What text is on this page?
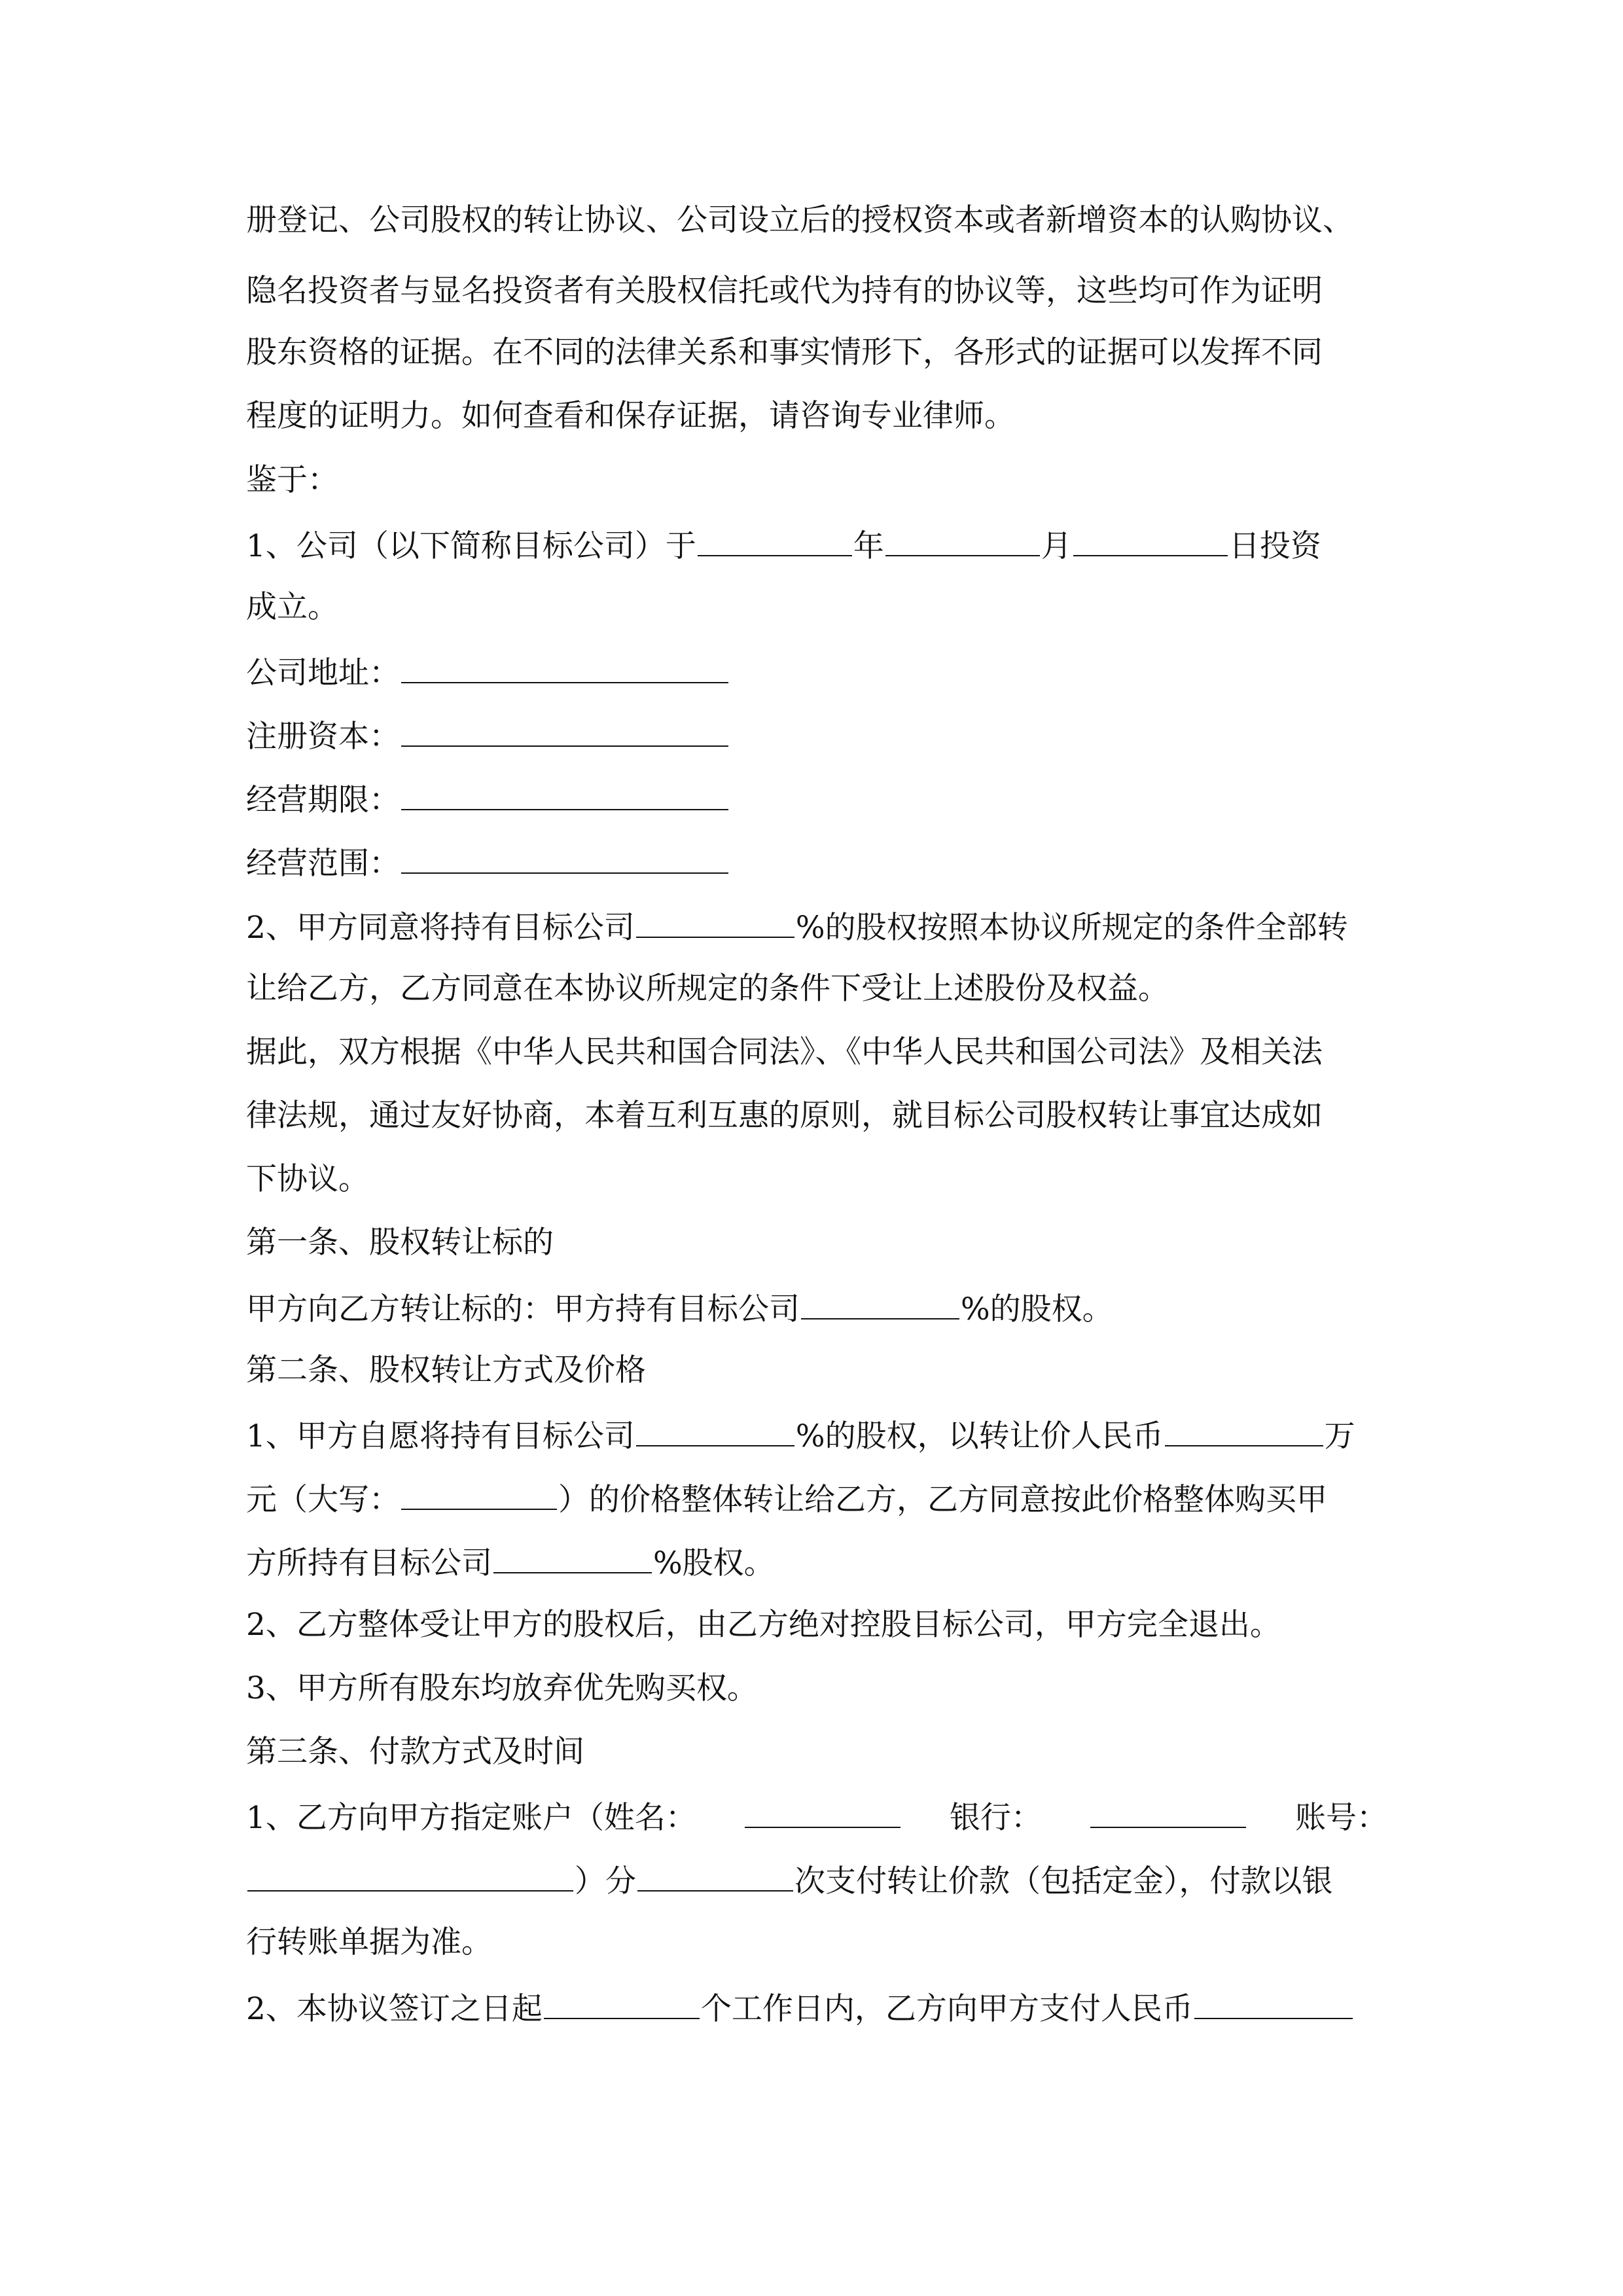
册登记、公司股权的转让协议、公司设立后的授权资本或者新增资本的认购协议、
隐名投资者与显名投资者有关股权信托或代为持有的协议等，这些均可作为证明
股东资格的证据。在不同的法律关系和事实情形下，各形式的证据可以发挥不同
程度的证明力。如何查看和保存证据，请咨询专业律师。
鉴于：
1、公司（以下简称目标公司）于	年	月	日投资
成立。
公司地址：
注册资本：
经营期限：
经营范围：
2、甲方同意将持有目标公司	%的股权按照本协议所规定的条件全部转
让给乙方，乙方同意在本协议所规定的条件下受让上述股份及权益。
据此，双方根据《中华人民共和国合同法》、《中华人民共和国公司法》及相关法
律法规，通过友好协商，本着互利互惠的原则，就目标公司股权转让事宜达成如
下协议。
第一条、股权转让标的
甲方向乙方转让标的：甲方持有目标公司	%的股权。
第二条、股权转让方式及价格
1、甲方自愿将持有目标公司	%的股权，以转让价人民币	万
元（大写：	）的价格整体转让给乙方，乙方同意按此价格整体购买甲
方所持有目标公司	%股权。
2、乙方整体受让甲方的股权后，由乙方绝对控股目标公司，甲方完全退出。
3、甲方所有股东均放弃优先购买权。
第三条、付款方式及时间
1、乙方向甲方指定账户（姓名：	银行：	账号：
）分	次支付转让价款（包括定金），付款以银
行转账单据为准。
2、本协议签订之日起	个工作日内，乙方向甲方支付人民币
